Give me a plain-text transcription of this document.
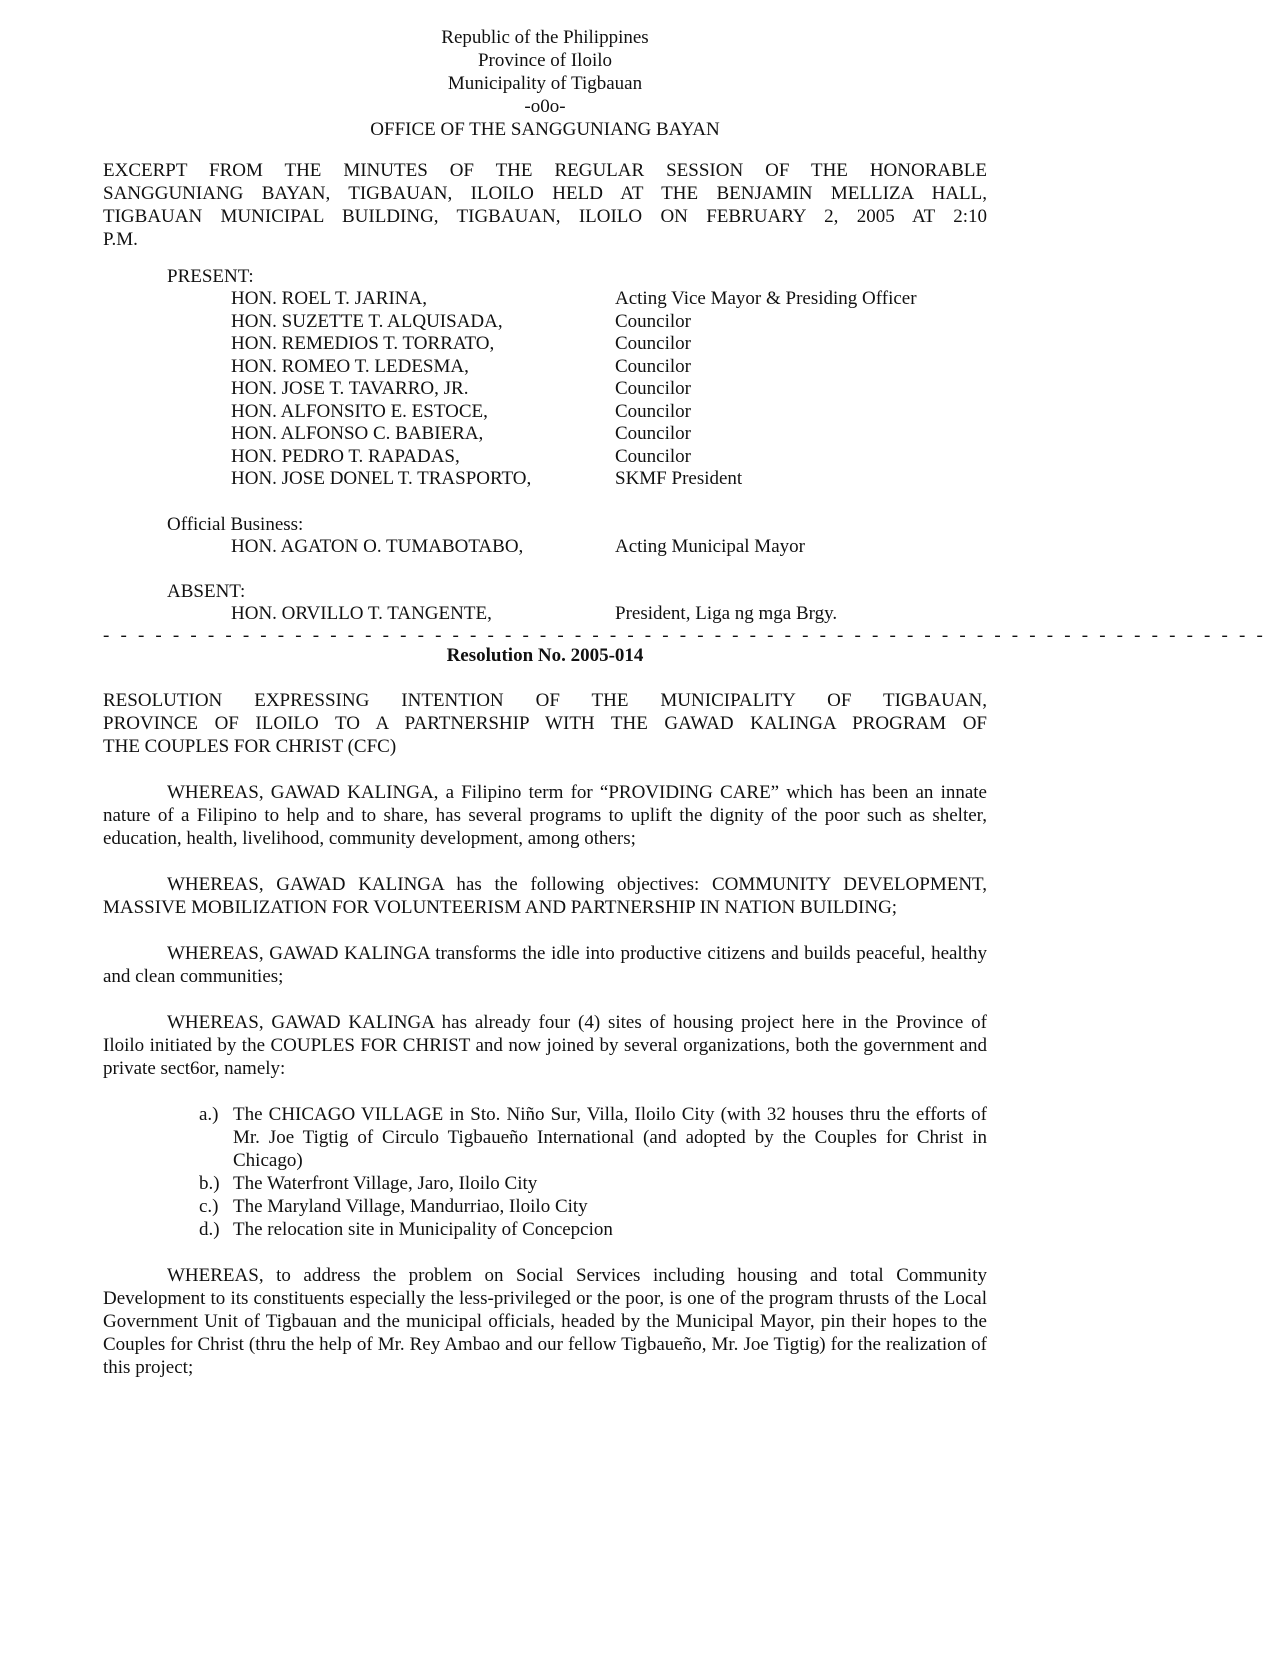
Republic of the Philippines

Province of Iloilo

Municipality of Tigbauan

-o0o-

OFFICE OF THE SANGGUNIANG BAYAN

EXCERPT FROM THE MINUTES OF THE REGULAR SESSION OF THE HONORABLE
SANGGUNIANG BAYAN, TIGBAUAN, ILOILO HELD AT THE BENJAMIN MELLIZA HALL,
TIGBAUAN MUNICIPAL BUILDING, TIGBAUAN, ILOILO ON FEBRUARY 2, 2005 AT 2:10
P.M.
PRESENT:
HON. ROEL T. JARINA,	Acting Vice Mayor & Presiding Officer
HON. SUZETTE T. ALQUISADA,	Councilor
HON. REMEDIOS T. TORRATO,	Councilor
HON. ROMEO T. LEDESMA,	Councilor
HON. JOSE T. TAVARRO, JR.	Councilor
HON. ALFONSITO E. ESTOCE,	Councilor
HON. ALFONSO C. BABIERA,	Councilor
HON. PEDRO T. RAPADAS,	Councilor
HON. JOSE DONEL T. TRASPORTO,	SKMF President
Official Business:
HON. AGATON O. TUMABOTABO,	Acting Municipal Mayor
ABSENT:
HON. ORVILLO T. TANGENTE,	President, Liga ng mga Brgy.
- - - - - - - - - - - - - - - - - - - - - - - - - - - - - - - - - - - - - - - - - - - - - - - - - - - - - - - - - - - - - - - - - - -
Resolution No. 2005-014
RESOLUTION EXPRESSING INTENTION OF THE MUNICIPALITY OF TIGBAUAN,
PROVINCE OF ILOILO TO A PARTNERSHIP WITH THE GAWAD KALINGA PROGRAM OF
THE COUPLES FOR CHRIST (CFC)

WHEREAS, GAWAD KALINGA, a Filipino term for “PROVIDING CARE” which has been an innate nature of a Filipino to help and to share, has several programs to uplift the dignity of the poor such as shelter, education, health, livelihood, community development, among others;

WHEREAS, GAWAD KALINGA has the following objectives: COMMUNITY DEVELOPMENT, MASSIVE MOBILIZATION FOR VOLUNTEERISM AND PARTNERSHIP IN NATION BUILDING;

WHEREAS, GAWAD KALINGA transforms the idle into productive citizens and builds peaceful, healthy and clean communities;

WHEREAS, GAWAD KALINGA has already four (4) sites of housing project here in the Province of Iloilo initiated by the COUPLES FOR CHRIST and now joined by several organizations, both the government and private sect6or, namely:

a.) The CHICAGO VILLAGE in Sto. Niño Sur, Villa, Iloilo City (with 32 houses thru the efforts of Mr. Joe Tigtig of Circulo Tigbaueño International (and adopted by the Couples for Christ in Chicago)
b.) The Waterfront Village, Jaro, Iloilo City
c.) The Maryland Village, Mandurriao, Iloilo City
d.) The relocation site in Municipality of Concepcion

WHEREAS, to address the problem on Social Services including housing and total Community Development to its constituents especially the less-privileged or the poor, is one of the program thrusts of the Local Government Unit of Tigbauan and the municipal officials, headed by the Municipal Mayor, pin their hopes to the Couples for Christ (thru the help of Mr. Rey Ambao and our fellow Tigbaueño, Mr. Joe Tigtig) for the realization of this project;
